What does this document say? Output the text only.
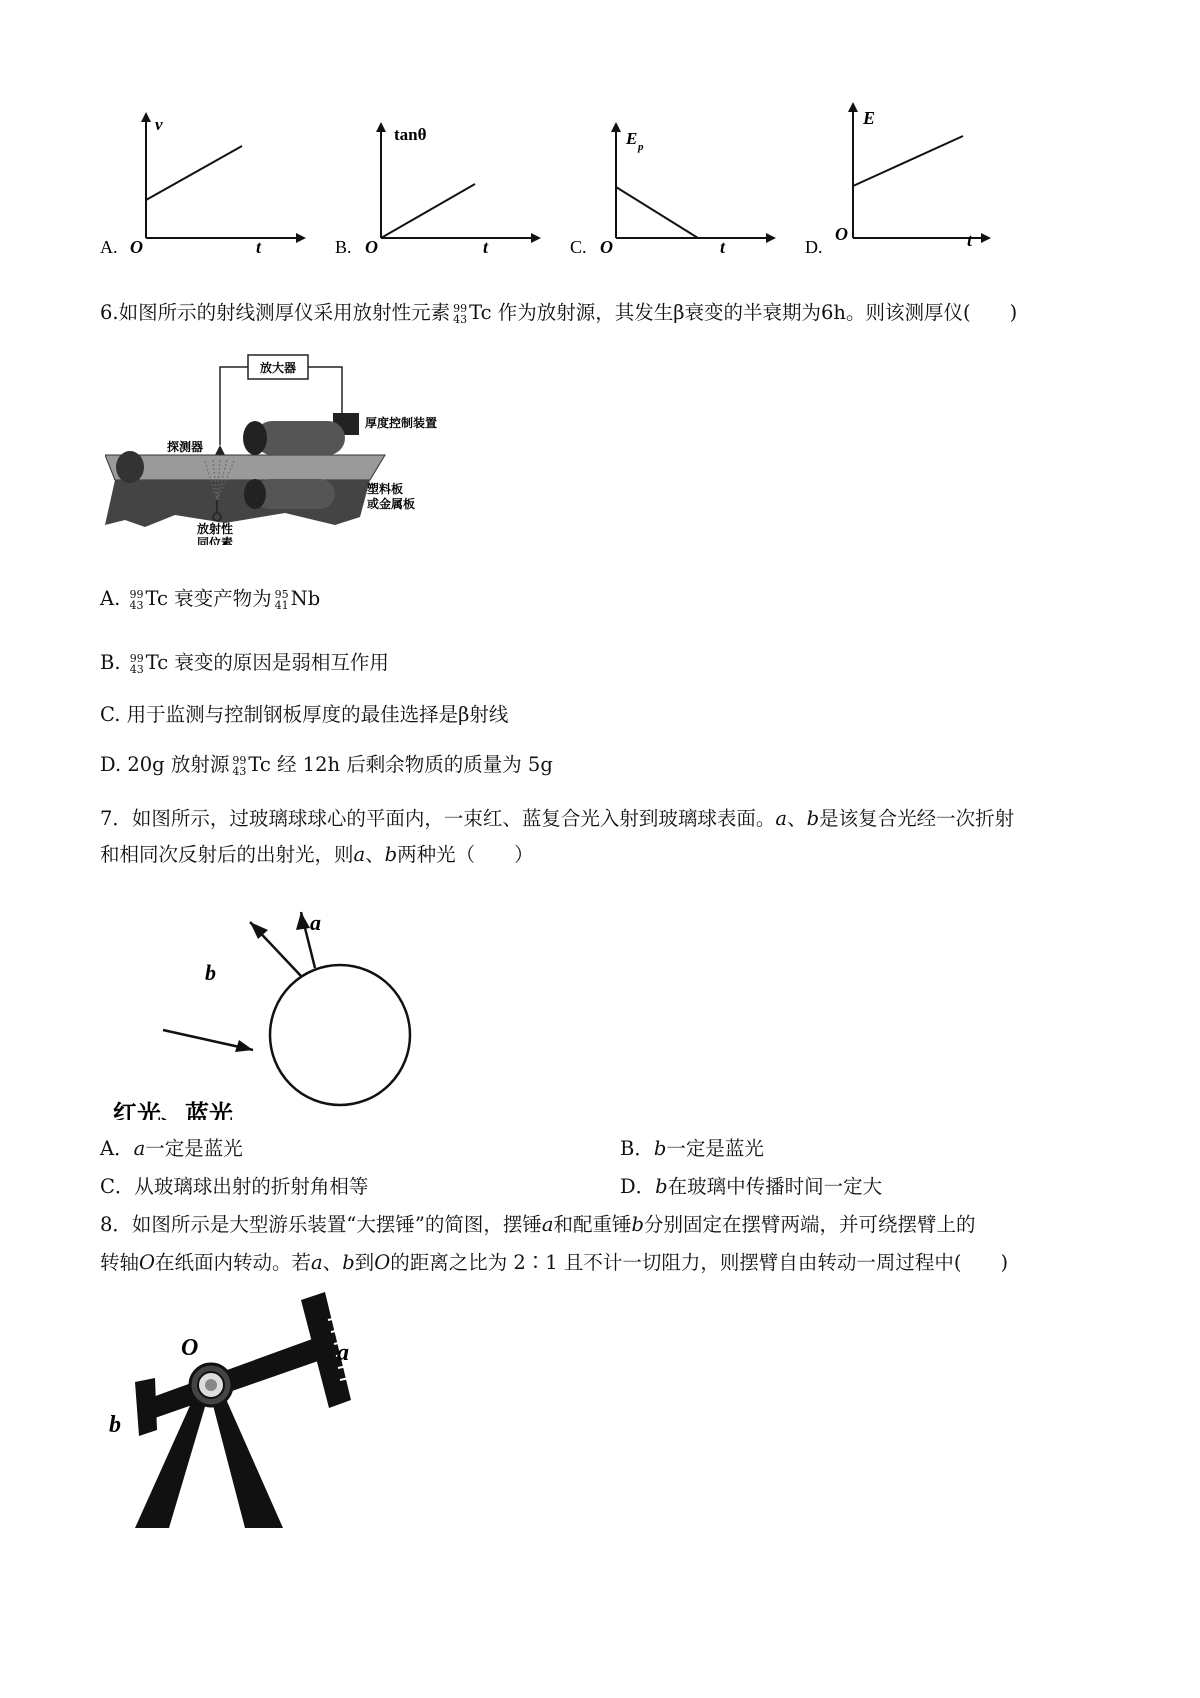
v
O	t
A.
tanθ
O	t
B.
E p
O	t
C.
E
O	t
D.
6.如图所示的射线测厚仪采用放射性元素 99
43 Tc 作为放射源，其发生β衰变的半衰期为6h。则该测厚仪(　　)
放大器
厚度控制装置
探测器
放射性
同位素
塑料板
或金属板
A. 99
43 Tc 衰变产物为 95
41 Nb
B. 99
43 Tc 衰变的原因是弱相互作用
C. 用于监测与控制钢板厚度的最佳选择是β射线
D. 20g 放射源 99
43 Tc 经 12h 后剩余物质的质量为 5g
7．如图所示，过玻璃球球心的平面内，一束红、蓝复合光入射到玻璃球表面。a、b是该复合光经一次折射
和相同次反射后的出射光，则a、b两种光（　　）
a
b
红光、蓝光
A．a一定是蓝光	B．b一定是蓝光
C．从玻璃球出射的折射角相等	D．b在玻璃中传播时间一定大
8．如图所示是大型游乐装置“大摆锤”的简图，摆锤a和配重锤b分别固定在摆臂两端，并可绕摆臂上的
转轴O在纸面内转动。若a、b到O的距离之比为 2∶1 且不计一切阻力，则摆臂自由转动一周过程中(　　)
O	a
b
